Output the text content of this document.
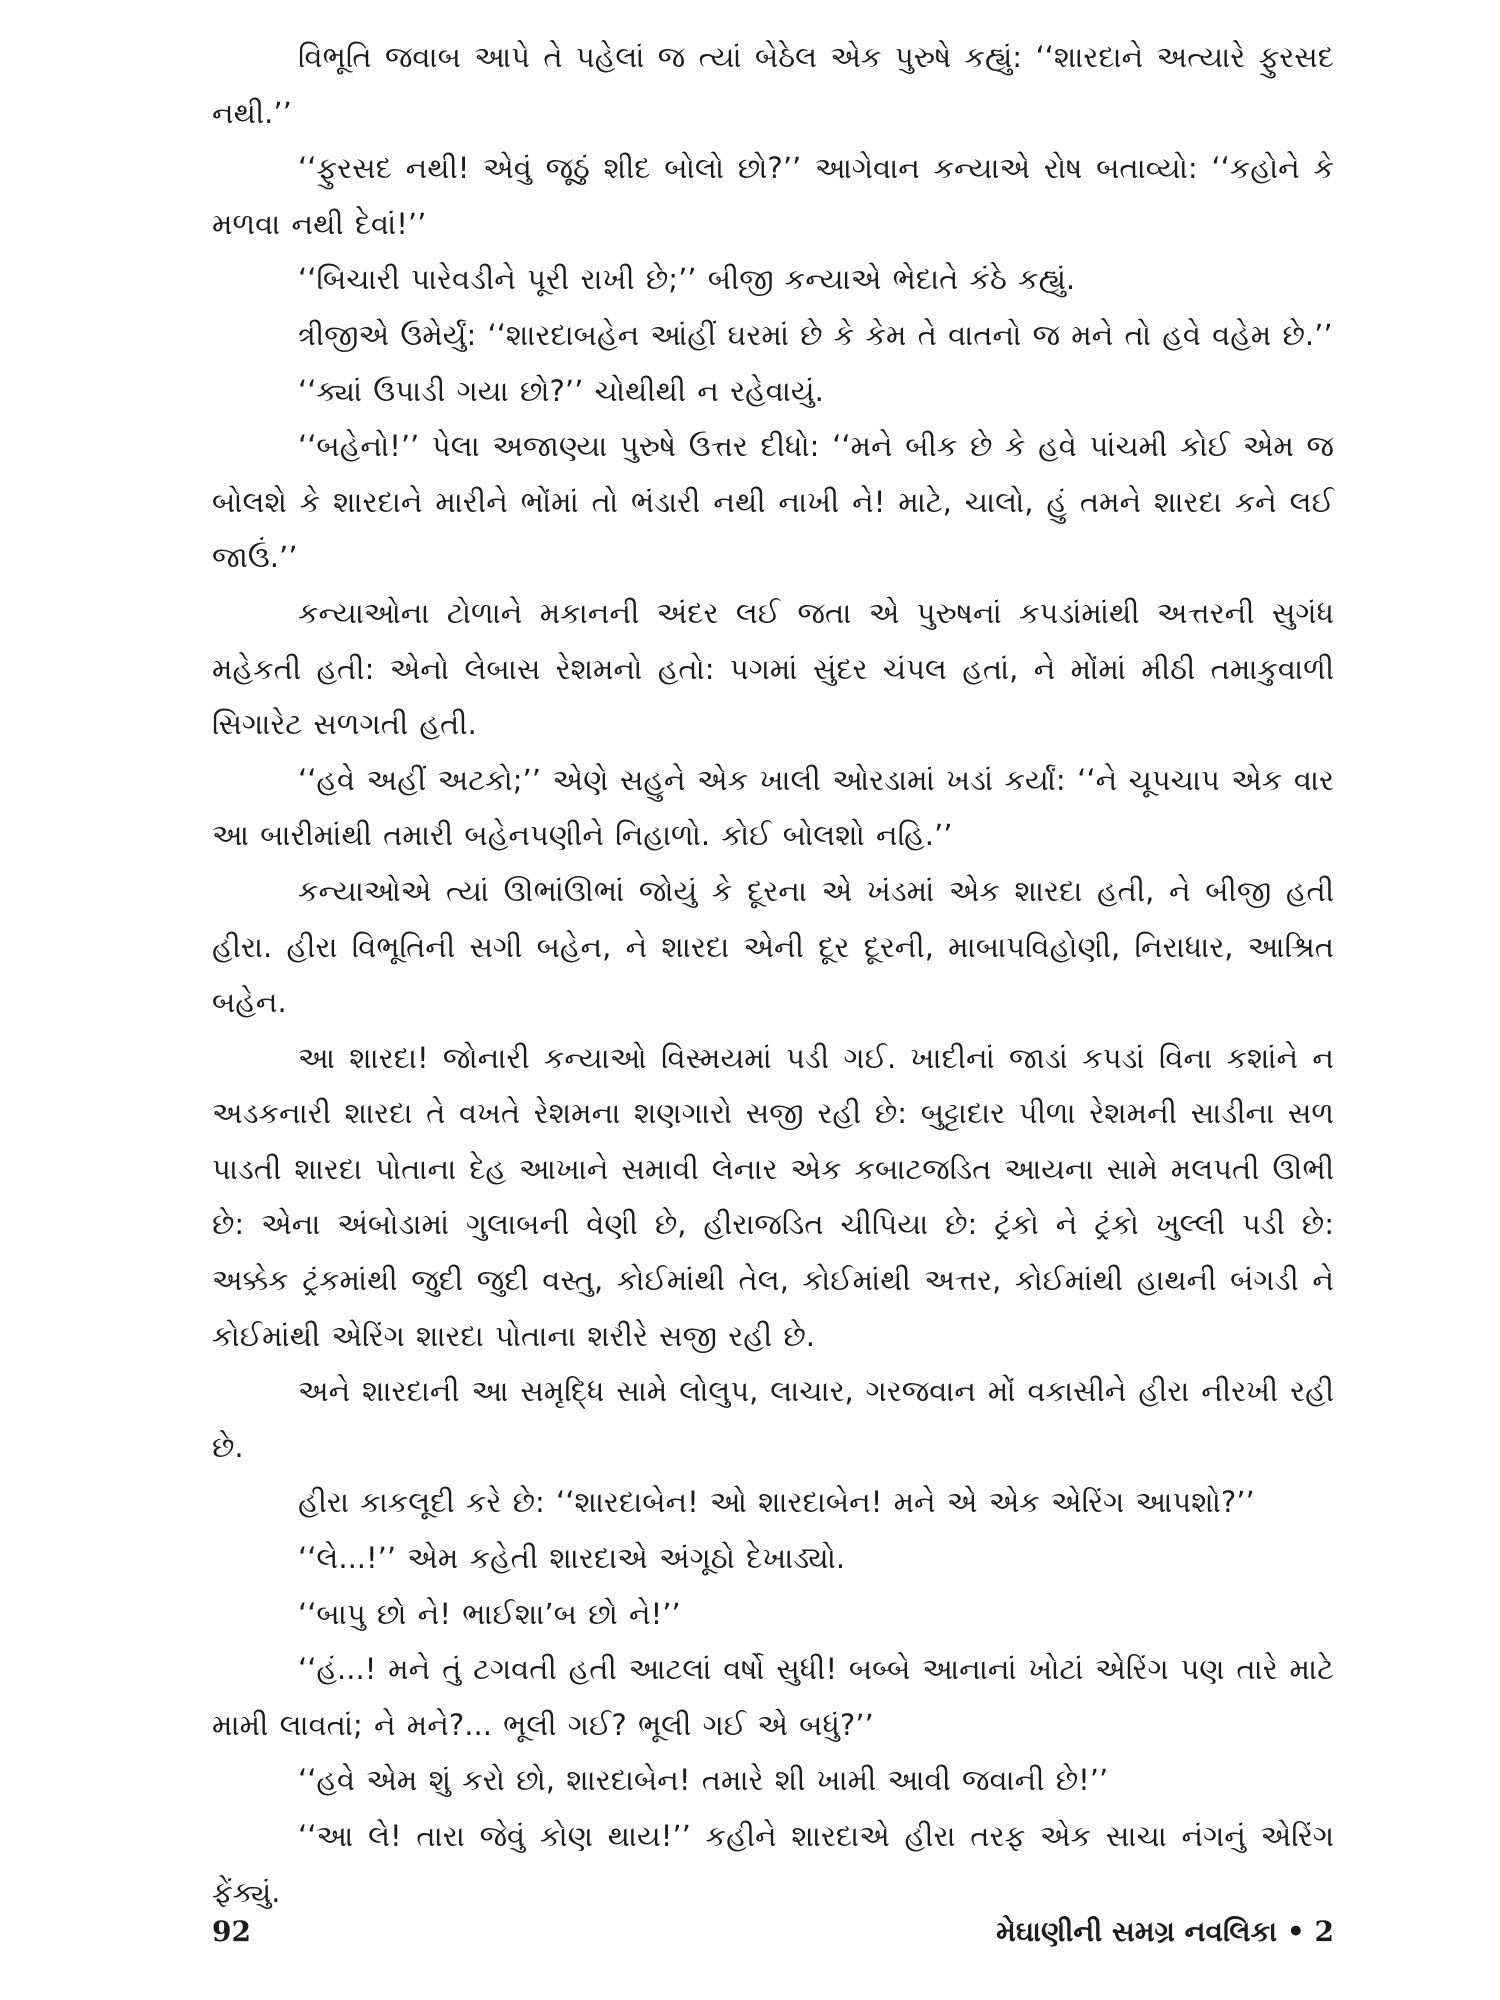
વિભૂતિ જવાબ આપે તે પહેલાં જ ત્યાં બેઠેલ એક પુરુષે કહ્યું: ‘‘શારદાને અત્યારે ફુરસદ નથી.’’

‘‘ફુરસદ નથી! એવું જૂઠું શીદ બોલો છો?’’ આગેવાન કન્યાએ રોષ બતાવ્યો: ‘‘કહોને કે મળવા નથી દેવાં!’’

‘‘બિચારી પારેવડીને પૂરી રાખી છે;’’ બીજી કન્યાએ ભેદાતે કંઠે કહ્યું.

ત્રીજીએ ઉમેર્યું: ‘‘શારદાબહેન આંહીં ઘરમાં છે કે કેમ તે વાતનો જ મને તો હવે વહેમ છે.’’

‘‘ક્યાં ઉપાડી ગયા છો?’’ ચોથીથી ન રહેવાયું.

‘‘બહેનો!’’ પેલા અજાણ્યા પુરુષે ઉત્તર દીધો: ‘‘મને બીક છે કે હવે પાંચમી કોઈ એમ જ બોલશે કે શારદાને મારીને ભોંમાં તો ભંડારી નથી નાખી ને! માટે, ચાલો, હું તમને શારદા કને લઈ જાઉં.’’

કન્યાઓના ટોળાને મકાનની અંદર લઈ જતા એ પુરુષનાં કપડાંમાંથી અત્તરની સુગંધ મહેકતી હતી: એનો લેબાસ રેશમનો હતો: પગમાં સુંદર ચંપલ હતાં, ને મોંમાં મીઠી તમાકુવાળી સિગારેટ સળગતી હતી.

‘‘હવે અહીં અટકો;’’ એણે સહુને એક ખાલી ઓરડામાં ખડાં કર્યાં: ‘‘ને ચૂપચાપ એક વાર આ બારીમાંથી તમારી બહેનપણીને નિહાળો. કોઈ બોલશો નહિ.’’

કન્યાઓએ ત્યાં ઊભાંઊભાં જોયું કે દૂરના એ ખંડમાં એક શારદા હતી, ને બીજી હતી હીરા. હીરા વિભૂતિની સગી બહેન, ને શારદા એની દૂર દૂરની, માબાપવિહોણી, નિરાધાર, આશ્રિત બહેન.

આ શારદા! જોનારી કન્યાઓ વિસ્મયમાં પડી ગઈ. ખાદીનાં જાડાં કપડાં વિના કશાંને ન અડકનારી શારદા તે વખતે રેશમના શણગારો સજી રહી છે: બુટ્ટાદાર પીળા રેશમની સાડીના સળ પાડતી શારદા પોતાના દેહ આખાને સમાવી લેનાર એક કબાટજડિત આયના સામે મલપતી ઊભી છે: એના અંબોડામાં ગુલાબની વેણી છે, હીરાજડિત ચીપિયા છે: ટ્રંકો ને ટ્રંકો ખુલ્લી પડી છે: અક્કેક ટ્રંકમાંથી જુદી જુદી વસ્તુ, કોઈમાંથી તેલ, કોઈમાંથી અત્તર, કોઈમાંથી હાથની બંગડી ને કોઈમાંથી એરિંગ શારદા પોતાના શરીરે સજી રહી છે.

અને શારદાની આ સમૃદ્ધિ સામે લોલુપ, લાચાર, ગરજવાન મોં વકાસીને હીરા નીરખી રહી છે.

હીરા કાકલૂદી કરે છે: ‘‘શારદાબેન! ઓ શારદાબેન! મને એ એક એરિંગ આપશો?’’

‘‘લે...!’’ એમ કહેતી શારદાએ અંગૂઠો દેખાડ્યો.

‘‘બાપુ છો ને! ભાઈશા’બ છો ને!’’

‘‘હં...! મને તું ટગવતી હતી આટલાં વર્ષો સુધી! બબ્બે આનાનાં ખોટાં એરિંગ પણ તારે માટે મામી લાવતાં; ને મને?... ભૂલી ગઈ? ભૂલી ગઈ એ બધું?’’

‘‘હવે એમ શું કરો છો, શારદાબેન! તમારે શી ખામી આવી જવાની છે!’’

‘‘આ લે! તારા જેવું કોણ થાય!’’ કહીને શારદાએ હીરા તરફ એક સાચા નંગનું એરિંગ ફેંક્યું.

92	મેઘાણીની સમગ્ર નવલિકા • 2
